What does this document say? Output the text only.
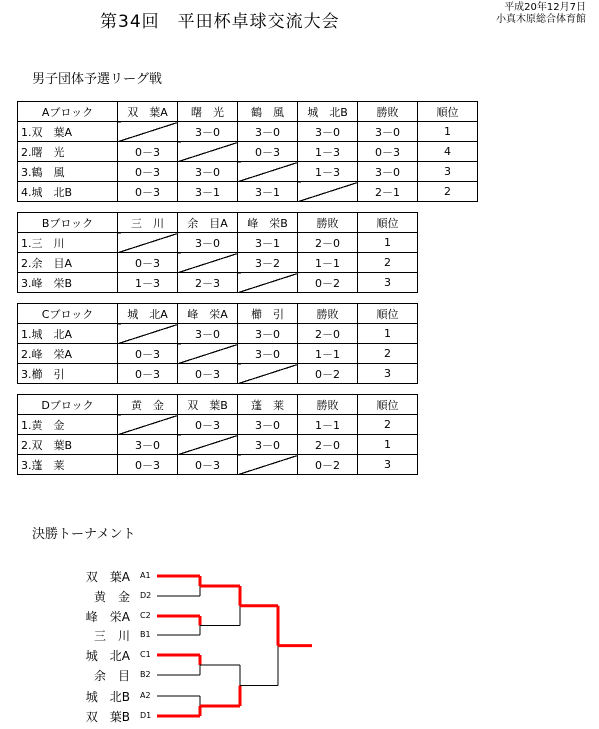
第34回　平田杯卓球交流大会
平成20年12月7日
小真木原総合体育館
男子団体予選リーグ戦
Aブロック	双　葉A	曙　光	鶴　風	城　北B	勝敗	順位
1.双　葉A		3－0	3－0	3－0	3－0	1
2.曙　光	0－3		0－3	1－3	0－3	4
3.鶴　風	0－3	3－0		1－3	3－0	3
4.城　北B	0－3	3－1	3－1		2－1	2
Bブロック	三　川	余　目A	峰　栄B	勝敗	順位
1.三　川		3－0	3－1	2－0	1
2.余　目A	0－3		3－2	1－1	2
3.峰　栄B	1－3	2－3		0－2	3
Cブロック	城　北A	峰　栄A	櫛　引	勝敗	順位
1.城　北A		3－0	3－0	2－0	1
2.峰　栄A	0－3		3－0	1－1	2
3.櫛　引	0－3	0－3		0－2	3
Dブロック	黄　金	双　葉B	蓬　莱	勝敗	順位
1.黄　金		0－3	3－0	1－1	2
2.双　葉B	3－0		3－0	2－0	1
3.蓬　莱	0－3	0－3		0－2	3
決勝トーナメント
双　葉A A1
黄　金 D2
峰　栄A C2
三　川 B1
城　北A C1
余　目 B2
城　北B A2
双　葉B D1
